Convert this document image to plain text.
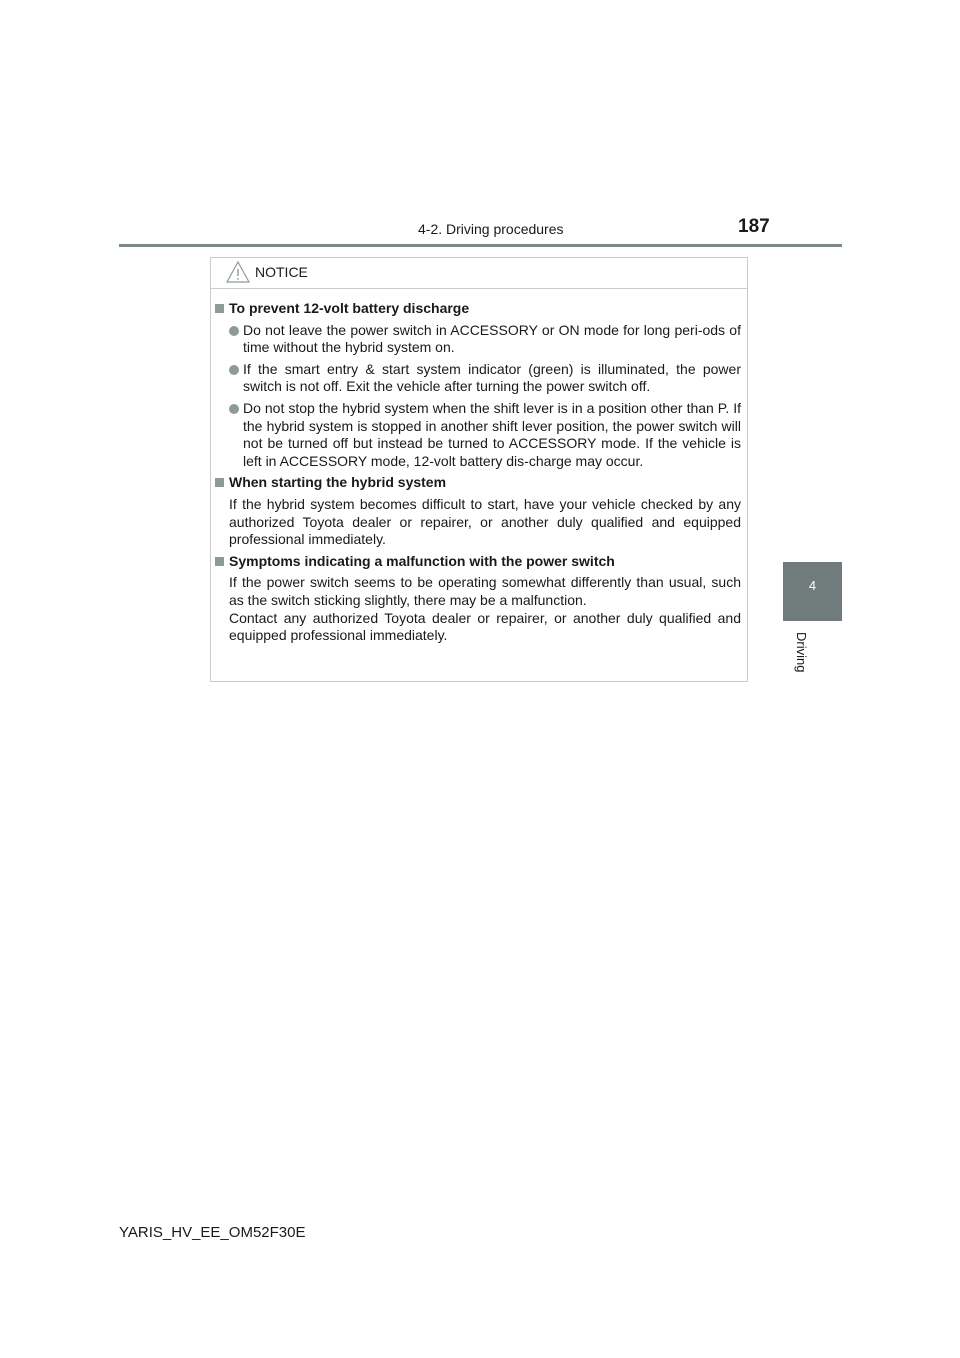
4-2. Driving procedures	187
4
Driving
NOTICE
To prevent 12-volt battery discharge
Do not leave the power switch in ACCESSORY or ON mode for long peri-ods of time without the hybrid system on.
If the smart entry & start system indicator (green) is illuminated, the power switch is not off. Exit the vehicle after turning the power switch off.
Do not stop the hybrid system when the shift lever is in a position other than P. If the hybrid system is stopped in another shift lever position, the power switch will not be turned off but instead be turned to ACCESSORY mode. If the vehicle is left in ACCESSORY mode, 12-volt battery dis-charge may occur.
When starting the hybrid system
If the hybrid system becomes difficult to start, have your vehicle checked by any authorized Toyota dealer or repairer, or another duly qualified and equipped professional immediately.
Symptoms indicating a malfunction with the power switch
If the power switch seems to be operating somewhat differently than usual, such as the switch sticking slightly, there may be a malfunction.
Contact any authorized Toyota dealer or repairer, or another duly qualified and equipped professional immediately.
YARIS_HV_EE_OM52F30E
